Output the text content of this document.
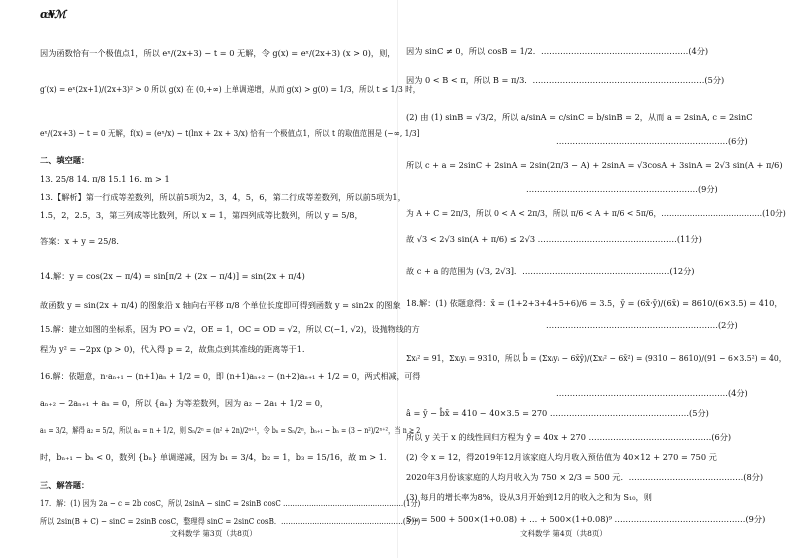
ɑ₦ℳ
因为函数恰有一个极值点1，所以 eˣ/(2x+3) − t = 0 无解，令 g(x) = eˣ/(2x+3) (x > 0)，则，
g′(x) = eˣ(2x+1)/(2x+3)² > 0 所以 g(x) 在 (0,+∞) 上单调递增，从而 g(x) > g(0) = 1/3，所以 t ≤ 1/3 时，
eˣ/(2x+3) − t = 0 无解，f(x) = (eˣ/x) − t(lnx + 2x + 3/x) 恰有一个极值点1，所以 t 的取值范围是 (−∞, 1/3]
二、填空题：
13. 25/8 14. π/8 15.1 16. m > 1
13.【解析】第一行成等差数列，所以前5项为2，3，4，5，6，第二行成等差数列，所以前5项为1，
1.5，2，2.5，3，第三列成等比数列，所以 x = 1，第四列成等比数列，所以 y = 5/8，
答案：x + y = 25/8．
14.解：y = cos(2x − π/4) = sin[π/2 + (2x − π/4)] = sin(2x + π/4)
故函数 y = sin(2x + π/4) 的图象沿 x 轴向右平移 π/8 个单位长度即可得到函数 y = sin2x 的图象
15.解：建立如图的坐标系，因为 PO = √2，OE = 1，OC = OD = √2，所以 C(−1, √2)，设抛物线的方
程为 y² = −2px (p > 0)，代入得 p = 2，故焦点到其准线的距离等于1.
16.解：依题意，n·aₙ₊₁ − (n+1)aₙ + 1/2 = 0，即 (n+1)aₙ₊₂ − (n+2)aₙ₊₁ + 1/2 = 0，两式相减，可得
aₙ₊₂ − 2aₙ₊₁ + aₙ = 0，所以 {aₙ} 为等差数列，因为 a₂ − 2a₁ + 1/2 = 0，
a₁ = 3/2，解得 a₂ = 5/2，所以 aₙ = n + 1/2，则 Sₙ/2ⁿ = (n² + 2n)/2ⁿ⁺¹，令 bₙ = Sₙ/2ⁿ，bₙ₊₁ − bₙ = (3 − n²)/2ⁿ⁺²，当 n ≥ 2
时，bₙ₊₁ − bₙ < 0，数列 {bₙ} 单调递减，因为 b₁ = 3/4，b₂ = 1，b₃ = 15/16，故 m > 1.
三、解答题：
17．解：(1) 因为 2a − c = 2b cosC，所以 2sinA − sinC = 2sinB cosC ……………………………………………(1分)
所以 2sin(B + C) − sinC = 2sinB cosC，整理得 sinC = 2sinC cosB．……………………………………………(3分)
文科数学 第3页（共8页）
因为 sinC ≠ 0，所以 cosB = 1/2．………………………………………………(4分)
因为 0 < B < π，所以 B = π/3．………………………………………………………(5分)
(2) 由 (1) sinB = √3/2，所以 a/sinA = c/sinC = b/sinB = 2，从而 a = 2sinA, c = 2sinC
………………………………………………………(6分)
所以 c + a = 2sinC + 2sinA = 2sin(2π/3 − A) + 2sinA = √3cosA + 3sinA = 2√3 sin(A + π/6)
………………………………………………………(9分)
为 A + C = 2π/3，所以 0 < A < 2π/3，所以 π/6 < A + π/6 < 5π/6，…………………………………(10分)
故 √3 < 2√3 sin(A + π/6) ≤ 2√3 ……………………………………………(11分)
故 c + a 的范围为 (√3, 2√3]．………………………………………………(12分)
18.解：(1) 依题意得：x̄ = (1+2+3+4+5+6)/6 = 3.5，ȳ = (6x̄·ȳ)/(6x̄) = 8610/(6×3.5) = 410，
………………………………………………………(2分)
Σxᵢ² = 91，Σxᵢyᵢ = 9310，所以 b̂ = (Σxᵢyᵢ − 6x̄ȳ)/(Σxᵢ² − 6x̄²) = (9310 − 8610)/(91 − 6×3.5²) = 40，
………………………………………………………(4分)
â = ȳ − b̂x̄ = 410 − 40×3.5 = 270 ……………………………………………(5分)
所以 y 关于 x 的线性回归方程为 ŷ = 40x + 270 ………………………………………(6分)
(2) 令 x = 12，得2019年12月该家庭人均月收入预估值为 40×12 + 270 = 750 元
2020年3月份该家庭的人均月收入为 750 × 2/3 = 500 元．……………………………………(8分)
(3) 每月的增长率为8%，设从3月开始到12月的收入之和为 S₁₀，则
S₁₀ = 500 + 500×(1+0.08) + … + 500×(1+0.08)⁹ …………………………………………(9分)
文科数学 第4页（共8页）
